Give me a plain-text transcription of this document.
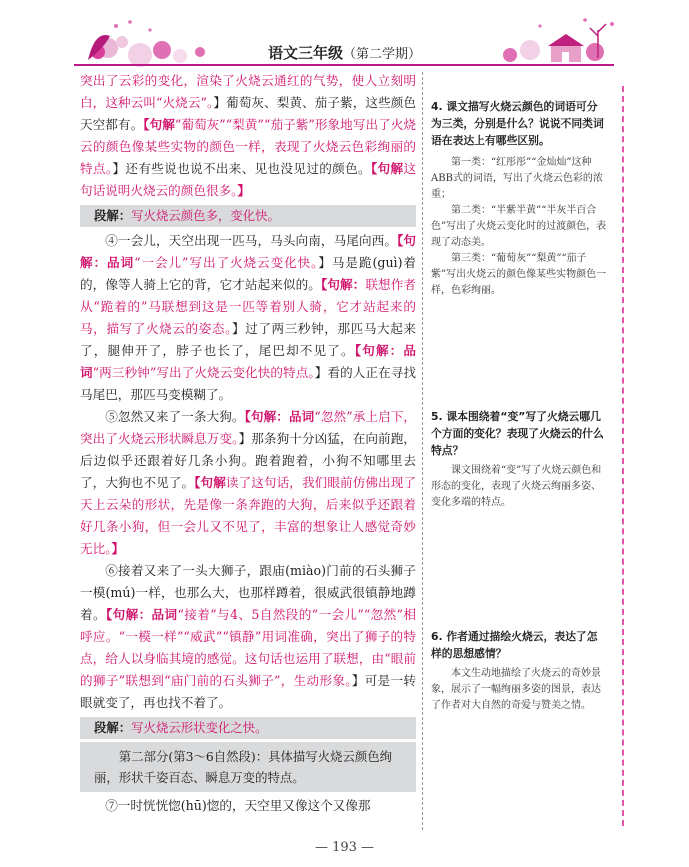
语文三年级（第二学期）

突出了云彩的变化，渲染了火烧云通红的气势，使人立刻明白，这种云叫“火烧云”。】葡萄灰、梨黄、茄子紫，这些颜色天空都有。【句解“葡萄灰”“梨黄”“茄子紫”形象地写出了火烧云的颜色像某些实物的颜色一样，表现了火烧云色彩绚丽的特点。】还有些说也说不出来、见也没见过的颜色。【句解这句话说明火烧云的颜色很多。】

段解：写火烧云颜色多，变化快。

④一会儿，天空出现一匹马，马头向南，马尾向西。【句解：品词“一会儿”写出了火烧云变化快。】马是跪(guì)着的，像等人骑上它的背，它才站起来似的。【句解：联想作者从“跪着的”马联想到这是一匹等着别人骑，它才站起来的马，描写了火烧云的姿态。】过了两三秒钟，那匹马大起来了，腿伸开了，脖子也长了，尾巴却不见了。【句解：品词“两三秒钟”写出了火烧云变化快的特点。】看的人正在寻找马尾巴，那匹马变模糊了。

⑤忽然又来了一条大狗。【句解：品词“忽然”承上启下，突出了火烧云形状瞬息万变。】那条狗十分凶猛，在向前跑，后边似乎还跟着好几条小狗。跑着跑着，小狗不知哪里去了，大狗也不见了。【句解读了这句话，我们眼前仿佛出现了天上云朵的形状，先是像一条奔跑的大狗，后来似乎还跟着好几条小狗，但一会儿又不见了，丰富的想象让人感觉奇妙无比。】

⑥接着又来了一头大狮子，跟庙(miào)门前的石头狮子一模(mú)一样，也那么大，也那样蹲着，很威武很镇静地蹲着。【句解：品词“接着”与4、5自然段的“一会儿”“忽然”相呼应。“一模一样”“威武”“镇静”用词准确，突出了狮子的特点，给人以身临其境的感觉。这句话也运用了联想，由“眼前的狮子”联想到“庙门前的石头狮子”，生动形象。】可是一转眼就变了，再也找不着了。

段解：写火烧云形状变化之快。
第二部分(第3～6自然段)：具体描写火烧云颜色绚丽，形状千姿百态、瞬息万变的特点。

⑦一时恍恍惚(hū)惚的，天空里又像这个又像那

4. 课文描写火烧云颜色的词语可分为三类，分别是什么？说说不同类词语在表达上有哪些区别。

第一类：“红彤彤”“金灿灿”这种ABB式的词语，写出了火烧云色彩的浓重；

第二类：“半紫半黄”“半灰半百合色”写出了火烧云变化时的过渡颜色，表现了动态美。

第三类：“葡萄灰”“梨黄”“茄子紫”写出火烧云的颜色像某些实物颜色一样，色彩绚丽。

5. 课本围绕着“变”写了火烧云哪几个方面的变化？表现了火烧云的什么特点？

课文围绕着“变”写了火烧云颜色和形态的变化，表现了火烧云绚丽多姿、变化多端的特点。

6. 作者通过描绘火烧云，表达了怎样的思想感情？

本文生动地描绘了火烧云的奇妙景象，展示了一幅绚丽多姿的图景，表达了作者对大自然的奇爱与赞美之情。

— 193 —
